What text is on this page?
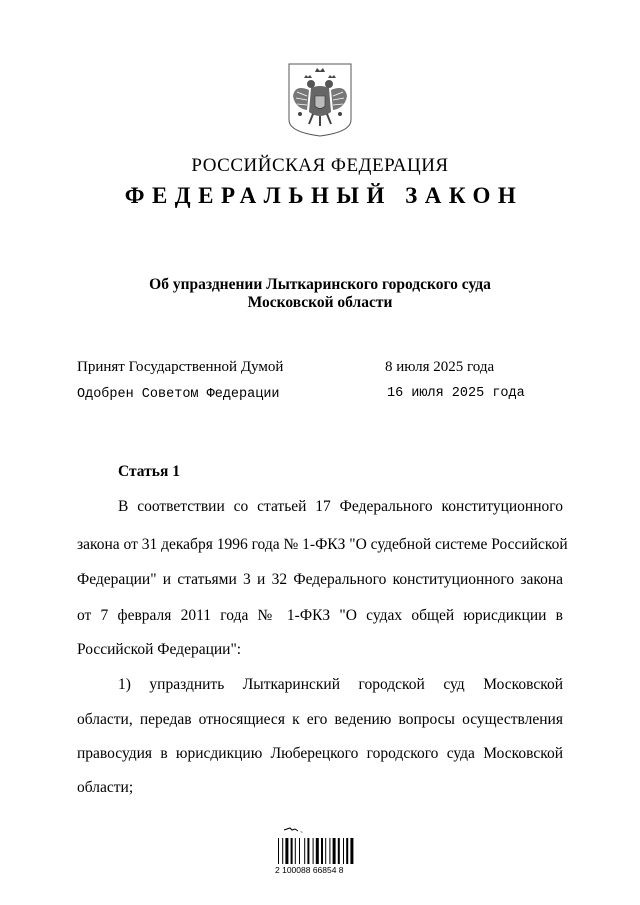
РОССИЙСКАЯ ФЕДЕРАЦИЯ
ФЕДЕРАЛЬНЫЙ ЗАКОН
Об упразднении Лыткаринского городского суда
Московской области
Принят Государственной Думой	8 июля 2025 года
Одобрен Советом Федерации	16 июля 2025 года
Статья 1
В соответствии со статьей 17 Федерального конституционного
закона от 31 декабря 1996 года № 1-ФКЗ "О судебной системе Российской
Федерации" и статьями 3 и 32 Федерального конституционного закона
от 7 февраля 2011 года № 1-ФКЗ "О судах общей юрисдикции в
Российской Федерации":
1) упразднить Лыткаринский городской суд Московской
области, передав относящиеся к его ведению вопросы осуществления
правосудия в юрисдикцию Люберецкого городского суда Московской
области;
~
2 100088 66854 8
